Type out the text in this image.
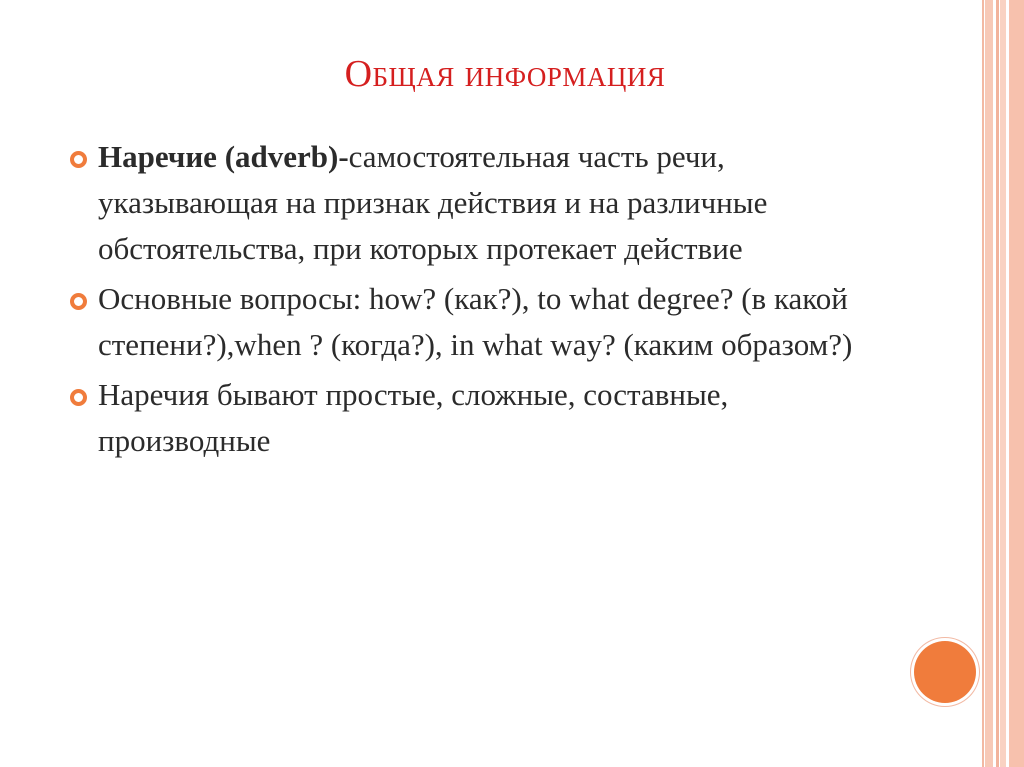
Общая информация
Наречие (adverb)-самостоятельная часть речи, указывающая на признак действия и на различные обстоятельства, при которых протекает действие
Основные вопросы: how? (как?), to what degree? (в какой степени?),when ? (когда?), in what way? (каким образом?)
Наречия бывают простые, сложные, составные, производные
